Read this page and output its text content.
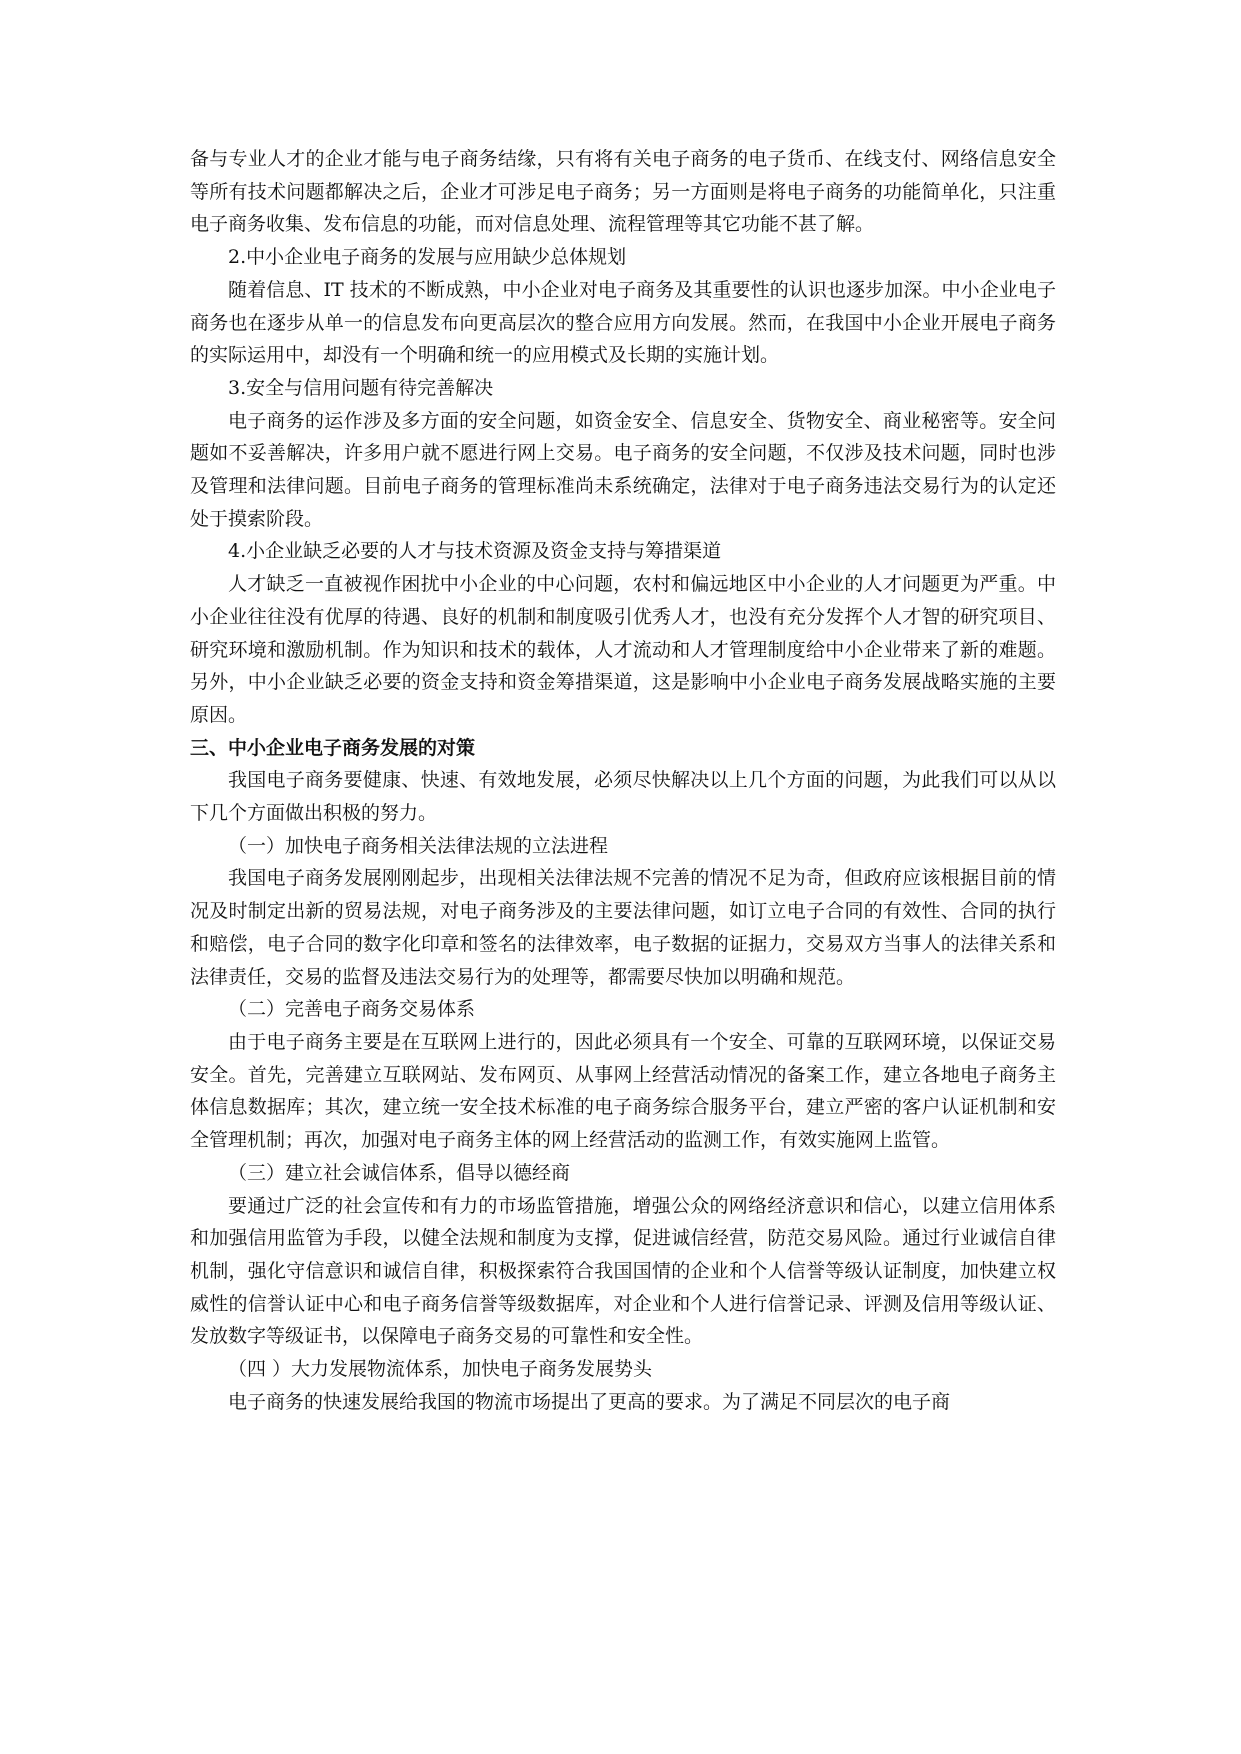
备与专业人才的企业才能与电子商务结缘，只有将有关电子商务的电子货币、在线支付、网络信息安全等所有技术问题都解决之后，企业才可涉足电子商务；另一方面则是将电子商务的功能简单化，只注重电子商务收集、发布信息的功能，而对信息处理、流程管理等其它功能不甚了解。

2.中小企业电子商务的发展与应用缺少总体规划

随着信息、IT 技术的不断成熟，中小企业对电子商务及其重要性的认识也逐步加深。中小企业电子商务也在逐步从单一的信息发布向更高层次的整合应用方向发展。然而，在我国中小企业开展电子商务的实际运用中，却没有一个明确和统一的应用模式及长期的实施计划。

3.安全与信用问题有待完善解决

电子商务的运作涉及多方面的安全问题，如资金安全、信息安全、货物安全、商业秘密等。安全问题如不妥善解决，许多用户就不愿进行网上交易。电子商务的安全问题，不仅涉及技术问题，同时也涉及管理和法律问题。目前电子商务的管理标准尚未系统确定，法律对于电子商务违法交易行为的认定还处于摸索阶段。

4.小企业缺乏必要的人才与技术资源及资金支持与筹措渠道

人才缺乏一直被视作困扰中小企业的中心问题，农村和偏远地区中小企业的人才问题更为严重。中小企业往往没有优厚的待遇、良好的机制和制度吸引优秀人才，也没有充分发挥个人才智的研究项目、研究环境和激励机制。作为知识和技术的载体，人才流动和人才管理制度给中小企业带来了新的难题。另外，中小企业缺乏必要的资金支持和资金筹措渠道，这是影响中小企业电子商务发展战略实施的主要原因。

三、中小企业电子商务发展的对策

我国电子商务要健康、快速、有效地发展，必须尽快解决以上几个方面的问题，为此我们可以从以下几个方面做出积极的努力。

（一）加快电子商务相关法律法规的立法进程

我国电子商务发展刚刚起步，出现相关法律法规不完善的情况不足为奇，但政府应该根据目前的情况及时制定出新的贸易法规，对电子商务涉及的主要法律问题，如订立电子合同的有效性、合同的执行和赔偿，电子合同的数字化印章和签名的法律效率，电子数据的证据力，交易双方当事人的法律关系和法律责任，交易的监督及违法交易行为的处理等，都需要尽快加以明确和规范。

（二）完善电子商务交易体系

由于电子商务主要是在互联网上进行的，因此必须具有一个安全、可靠的互联网环境，以保证交易安全。首先，完善建立互联网站、发布网页、从事网上经营活动情况的备案工作，建立各地电子商务主体信息数据库；其次，建立统一安全技术标准的电子商务综合服务平台，建立严密的客户认证机制和安全管理机制；再次，加强对电子商务主体的网上经营活动的监测工作，有效实施网上监管。

（三）建立社会诚信体系，倡导以德经商

要通过广泛的社会宣传和有力的市场监管措施，增强公众的网络经济意识和信心，以建立信用体系和加强信用监管为手段，以健全法规和制度为支撑，促进诚信经营，防范交易风险。通过行业诚信自律机制，强化守信意识和诚信自律，积极探索符合我国国情的企业和个人信誉等级认证制度，加快建立权威性的信誉认证中心和电子商务信誉等级数据库，对企业和个人进行信誉记录、评测及信用等级认证、发放数字等级证书，以保障电子商务交易的可靠性和安全性。

（四 ）大力发展物流体系，加快电子商务发展势头

电子商务的快速发展给我国的物流市场提出了更高的要求。为了满足不同层次的电子商
